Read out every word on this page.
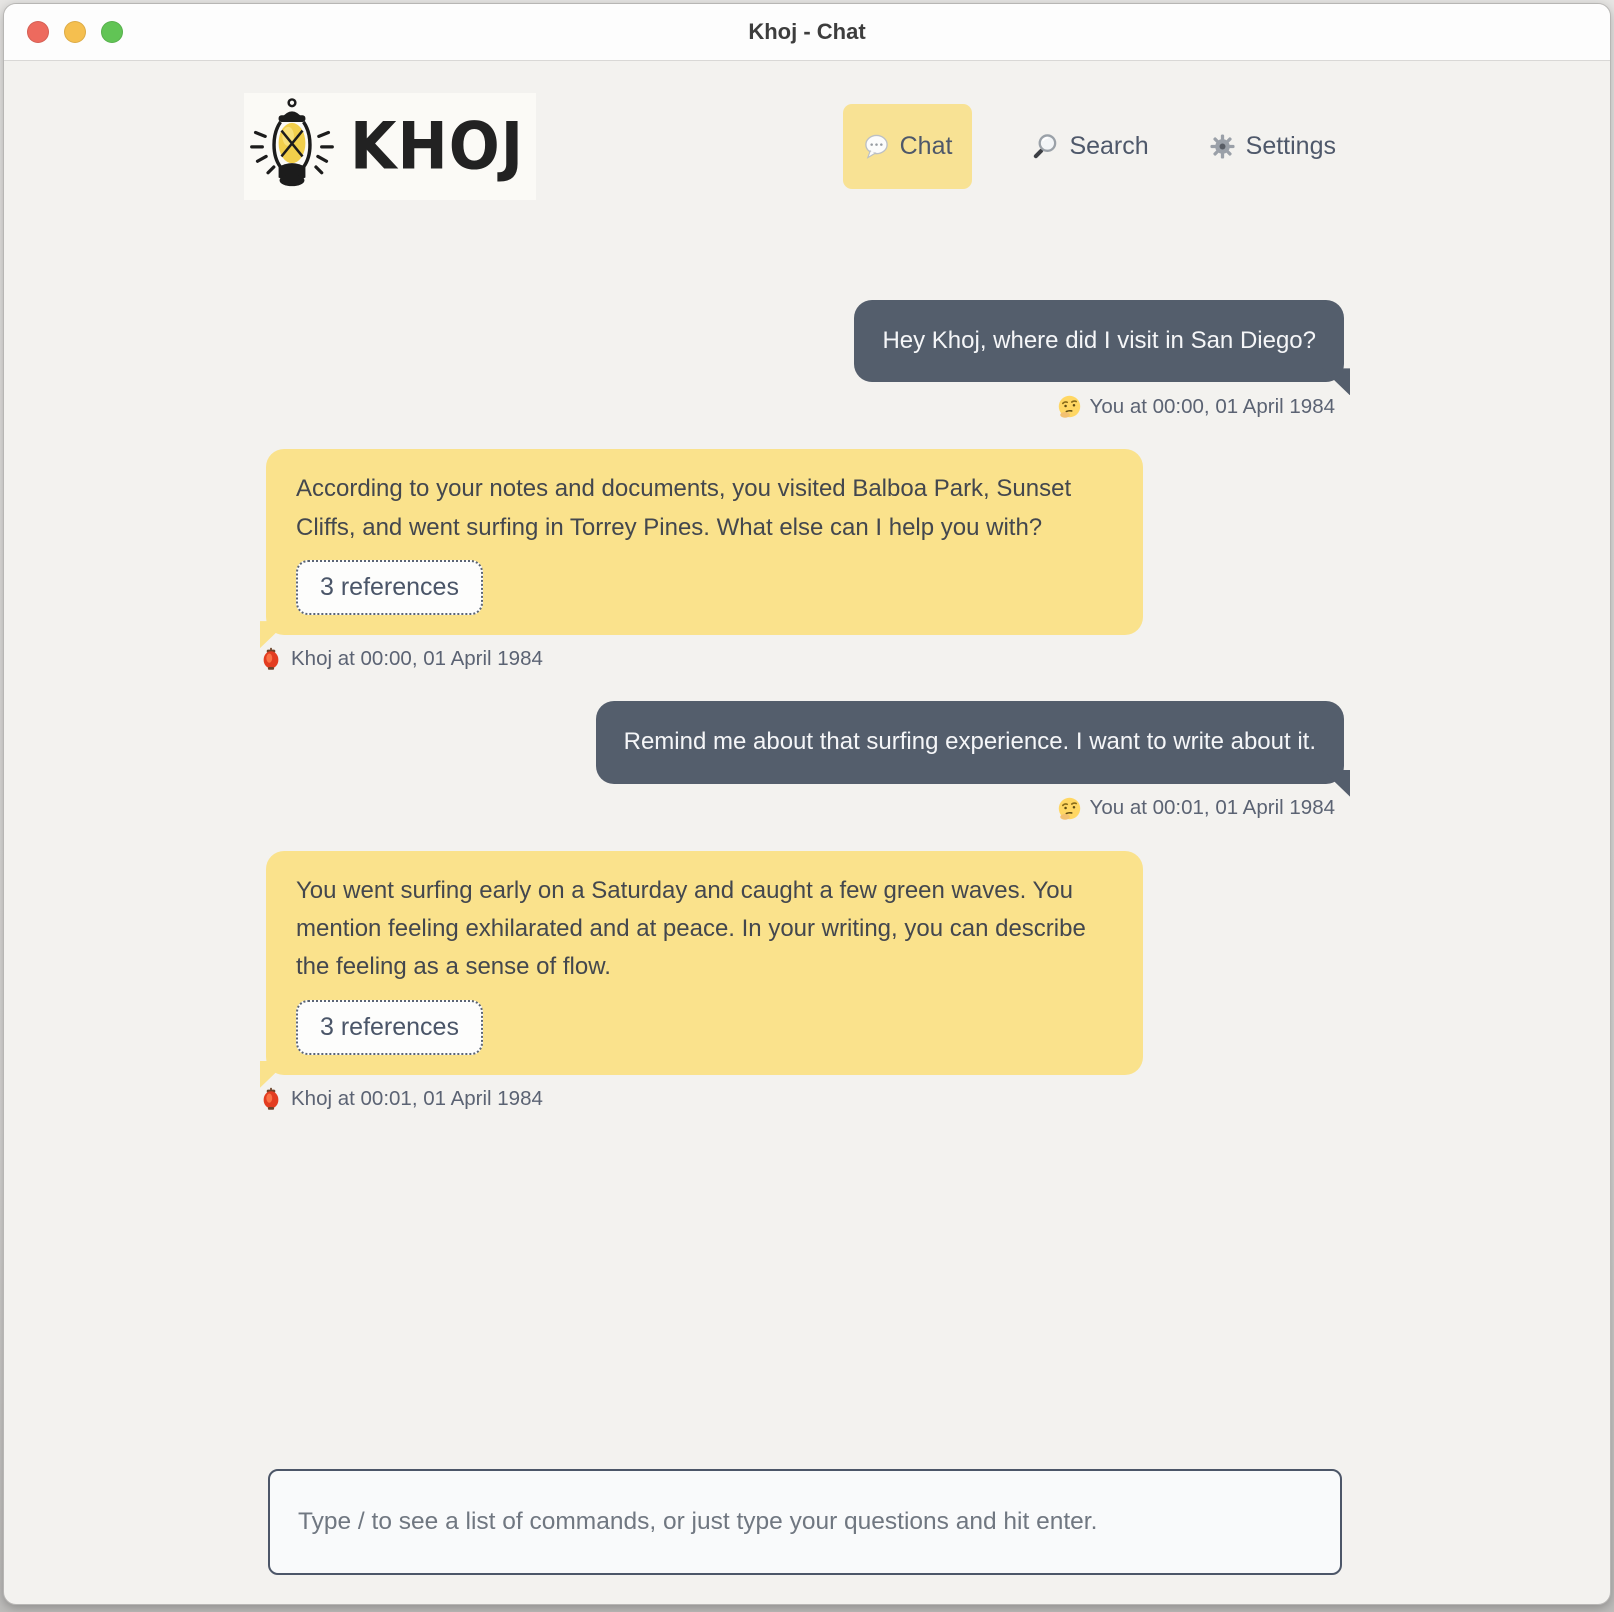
Khoj - Chat
KHOJ	Chat	Search	Settings
Hey Khoj, where did I visit in San Diego?
You at 00:00, 01 April 1984

According to your notes and documents, you visited Balboa Park, Sunset Cliffs, and went surfing in Torrey Pines. What else can I help you with?

3 references
Khoj at 00:00, 01 April 1984
Remind me about that surfing experience. I want to write about it.
You at 00:01, 01 April 1984

You went surfing early on a Saturday and caught a few green waves. You mention feeling exhilarated and at peace. In your writing, you can describe the feeling as a sense of flow.

3 references
Khoj at 00:01, 01 April 1984
Type / to see a list of commands, or just type your questions and hit enter.
